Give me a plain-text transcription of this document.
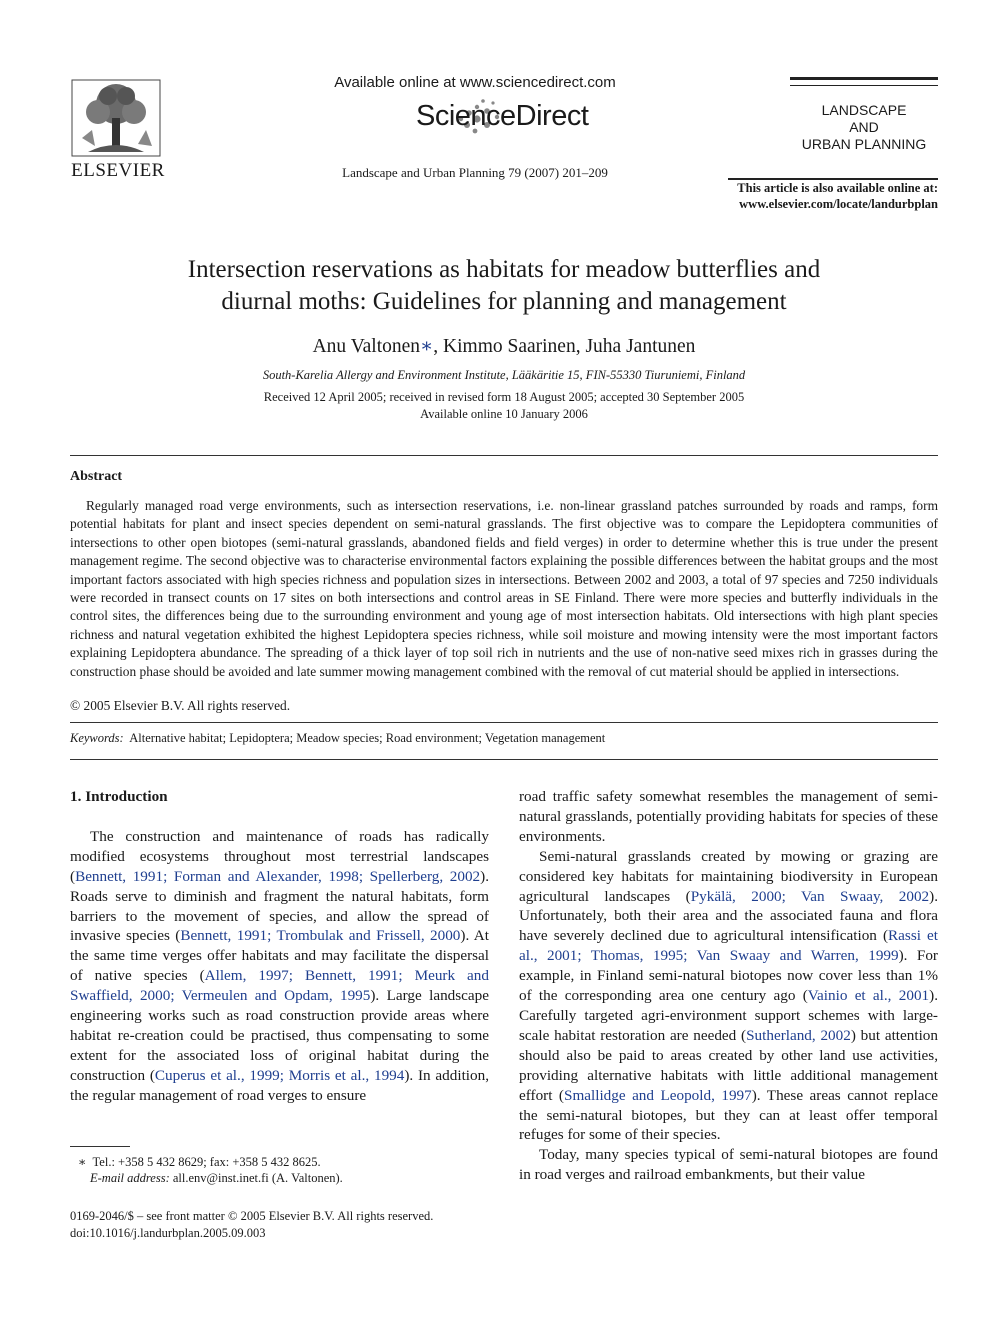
ELSEVIER
Available online at www.sciencedirect.com
ScienceDirect
Landscape and Urban Planning 79 (2007) 201–209
LANDSCAPE
AND
URBAN PLANNING
This article is also available online at:
www.elsevier.com/locate/landurbplan
Intersection reservations as habitats for meadow butterflies and
diurnal moths: Guidelines for planning and management
Anu Valtonen∗, Kimmo Saarinen, Juha Jantunen
South-Karelia Allergy and Environment Institute, Lääkäritie 15, FIN-55330 Tiuruniemi, Finland
Received 12 April 2005; received in revised form 18 August 2005; accepted 30 September 2005
Available online 10 January 2006
Abstract

Regularly managed road verge environments, such as intersection reservations, i.e. non-linear grassland patches surrounded by roads and ramps, form potential habitats for plant and insect species dependent on semi-natural grasslands. The first objective was to compare the Lepidoptera communities of intersections to other open biotopes (semi-natural grasslands, abandoned fields and field verges) in order to determine whether this is true under the present management regime. The second objective was to characterise environmental factors explaining the possible differences between the habitat groups and the most important factors associated with high species richness and population sizes in intersections. Between 2002 and 2003, a total of 97 species and 7250 individuals were recorded in transect counts on 17 sites on both intersections and control areas in SE Finland. There were more species and butterfly individuals in the control sites, the differences being due to the surrounding environment and young age of most intersection habitats. Old intersections with high plant species richness and natural vegetation exhibited the highest Lepidoptera species richness, while soil moisture and mowing intensity were the most important factors explaining Lepidoptera abundance. The spreading of a thick layer of top soil rich in nutrients and the use of non-native seed mixes rich in grasses during the construction phase should be avoided and late summer mowing management combined with the removal of cut material should be applied in intersections.

© 2005 Elsevier B.V. All rights reserved.
Keywords: Alternative habitat; Lepidoptera; Meadow species; Road environment; Vegetation management

1. Introduction

The construction and maintenance of roads has radically modified ecosystems throughout most terrestrial landscapes (Bennett, 1991; Forman and Alexander, 1998; Spellerberg, 2002). Roads serve to diminish and fragment the natural habitats, form barriers to the movement of species, and allow the spread of invasive species (Bennett, 1991; Trombulak and Frissell, 2000). At the same time verges offer habitats and may facilitate the dispersal of native species (Allem, 1997; Bennett, 1991; Meurk and Swaffield, 2000; Vermeulen and Opdam, 1995). Large landscape engineering works such as road construction provide areas where habitat re-creation could be practised, thus compensating to some extent for the associated loss of original habitat during the construction (Cuperus et al., 1999; Morris et al., 1994). In addition, the regular management of road verges to ensure

road traffic safety somewhat resembles the management of semi-natural grasslands, potentially providing habitats for species of these environments.

Semi-natural grasslands created by mowing or grazing are considered key habitats for maintaining biodiversity in European agricultural landscapes (Pykälä, 2000; Van Swaay, 2002). Unfortunately, both their area and the associated fauna and flora have severely declined due to agricultural intensification (Rassi et al., 2001; Thomas, 1995; Van Swaay and Warren, 1999). For example, in Finland semi-natural biotopes now cover less than 1% of the corresponding area one century ago (Vainio et al., 2001). Carefully targeted agri-environment support schemes with large-scale habitat restoration are needed (Sutherland, 2002) but attention should also be paid to areas created by other land use activities, providing alternative habitats with little additional management effort (Smallidge and Leopold, 1997). These areas cannot replace the semi-natural biotopes, but they can at least offer temporal refuges for some of their species.

Today, many species typical of semi-natural biotopes are found in road verges and railroad embankments, but their value

∗ Tel.: +358 5 432 8629; fax: +358 5 432 8625.
E-mail address: all.env@inst.inet.fi (A. Valtonen).
0169-2046/$ – see front matter © 2005 Elsevier B.V. All rights reserved.
doi:10.1016/j.landurbplan.2005.09.003
